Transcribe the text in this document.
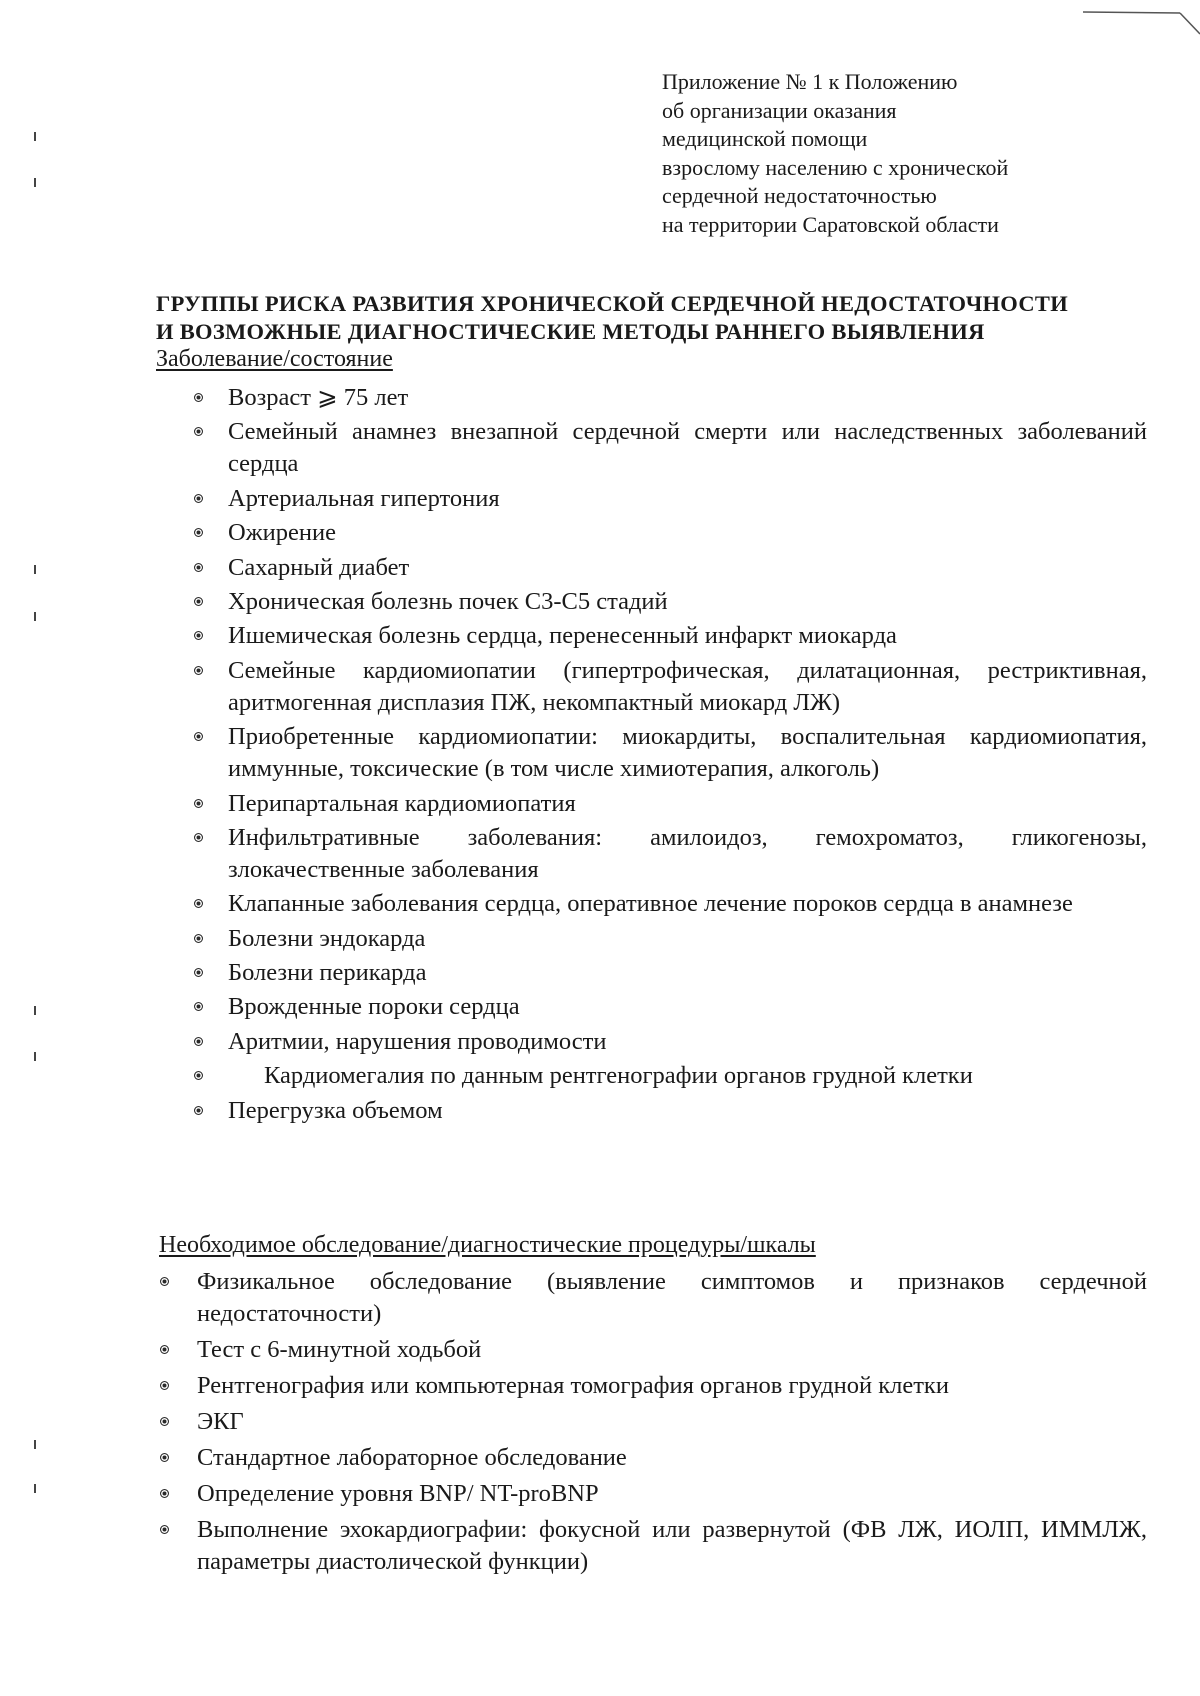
Приложение № 1 к Положению
об организации оказания
медицинской помощи
взрослому населению с хронической
сердечной недостаточностью
на территории Саратовской области
ГРУППЫ РИСКА РАЗВИТИЯ ХРОНИЧЕСКОЙ СЕРДЕЧНОЙ НЕДОСТАТОЧНОСТИ
И ВОЗМОЖНЫЕ ДИАГНОСТИЧЕСКИЕ МЕТОДЫ РАННЕГО ВЫЯВЛЕНИЯ
Заболевание/состояние
Возраст ⩾ 75 лет
Семейный анамнез внезапной сердечной смерти или наследственных заболеваний сердца
Артериальная гипертония
Ожирение
Сахарный диабет
Хроническая болезнь почек С3-С5 стадий
Ишемическая болезнь сердца, перенесенный инфаркт миокарда
Семейные кардиомиопатии (гипертрофическая, дилатационная, рестриктивная, аритмогенная дисплазия ПЖ, некомпактный миокард ЛЖ)
Приобретенные кардиомиопатии: миокардиты, воспалительная кардиомиопатия, иммунные, токсические (в том числе химиотерапия, алкоголь)
Перипартальная кардиомиопатия
Инфильтративные заболевания: амилоидоз, гемохроматоз, гликогенозы, злокачественные заболевания
Клапанные заболевания сердца, оперативное лечение пороков сердца в анамнезе
Болезни эндокарда
Болезни перикарда
Врожденные пороки сердца
Аритмии, нарушения проводимости
Кардиомегалия по данным рентгенографии органов грудной клетки
Перегрузка объемом
Необходимое обследование/диагностические процедуры/шкалы
Физикальное обследование (выявление симптомов и признаков сердечной недостаточности)
Тест с 6-минутной ходьбой
Рентгенография или компьютерная томография органов грудной клетки
ЭКГ
Стандартное лабораторное обследование
Определение уровня BNP/ NT-proBNP
Выполнение эхокардиографии: фокусной или развернутой (ФВ ЛЖ, ИОЛП, ИММЛЖ, параметры диастолической функции)
